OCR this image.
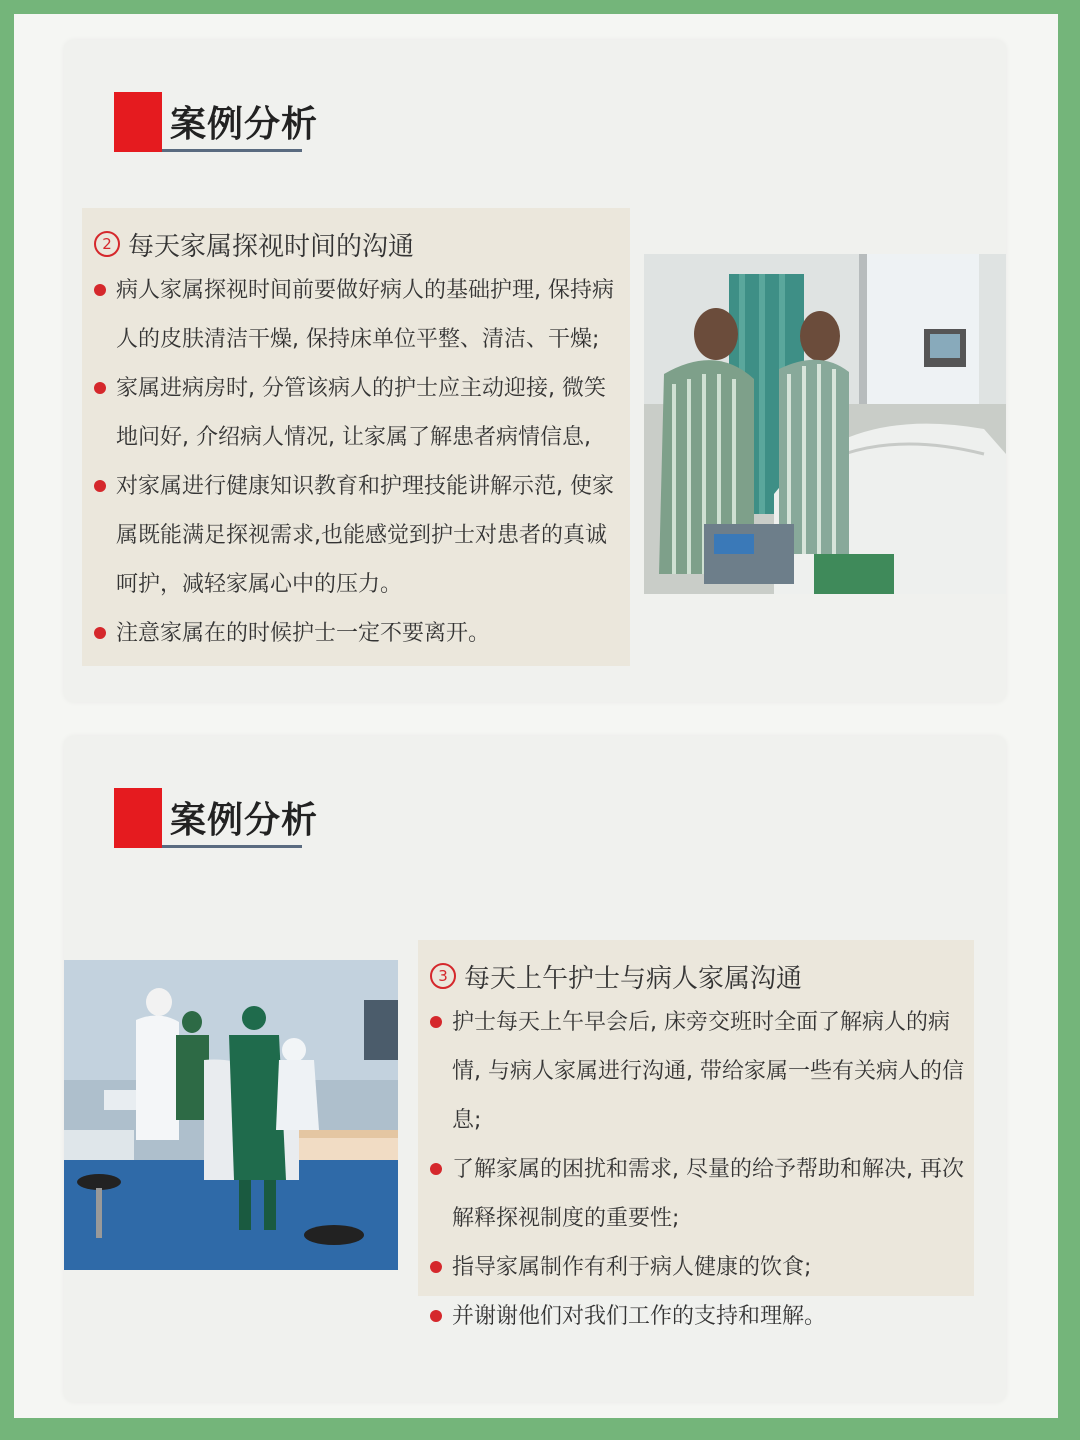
案例分析
2 每天家属探视时间的沟通
病人家属探视时间前要做好病人的基础护理, 保持病人的皮肤清洁干燥, 保持床单位平整、清洁、干燥;
家属进病房时, 分管该病人的护士应主动迎接, 微笑地问好, 介绍病人情况, 让家属了解患者病情信息,
对家属进行健康知识教育和护理技能讲解示范, 使家属既能满足探视需求,也能感觉到护士对患者的真诚呵护，减轻家属心中的压力。
注意家属在的时候护士一定不要离开。
案例分析
3 每天上午护士与病人家属沟通
护士每天上午早会后, 床旁交班时全面了解病人的病情, 与病人家属进行沟通, 带给家属一些有关病人的信息;
了解家属的困扰和需求, 尽量的给予帮助和解决, 再次解释探视制度的重要性;
指导家属制作有利于病人健康的饮食;
并谢谢他们对我们工作的支持和理解。
